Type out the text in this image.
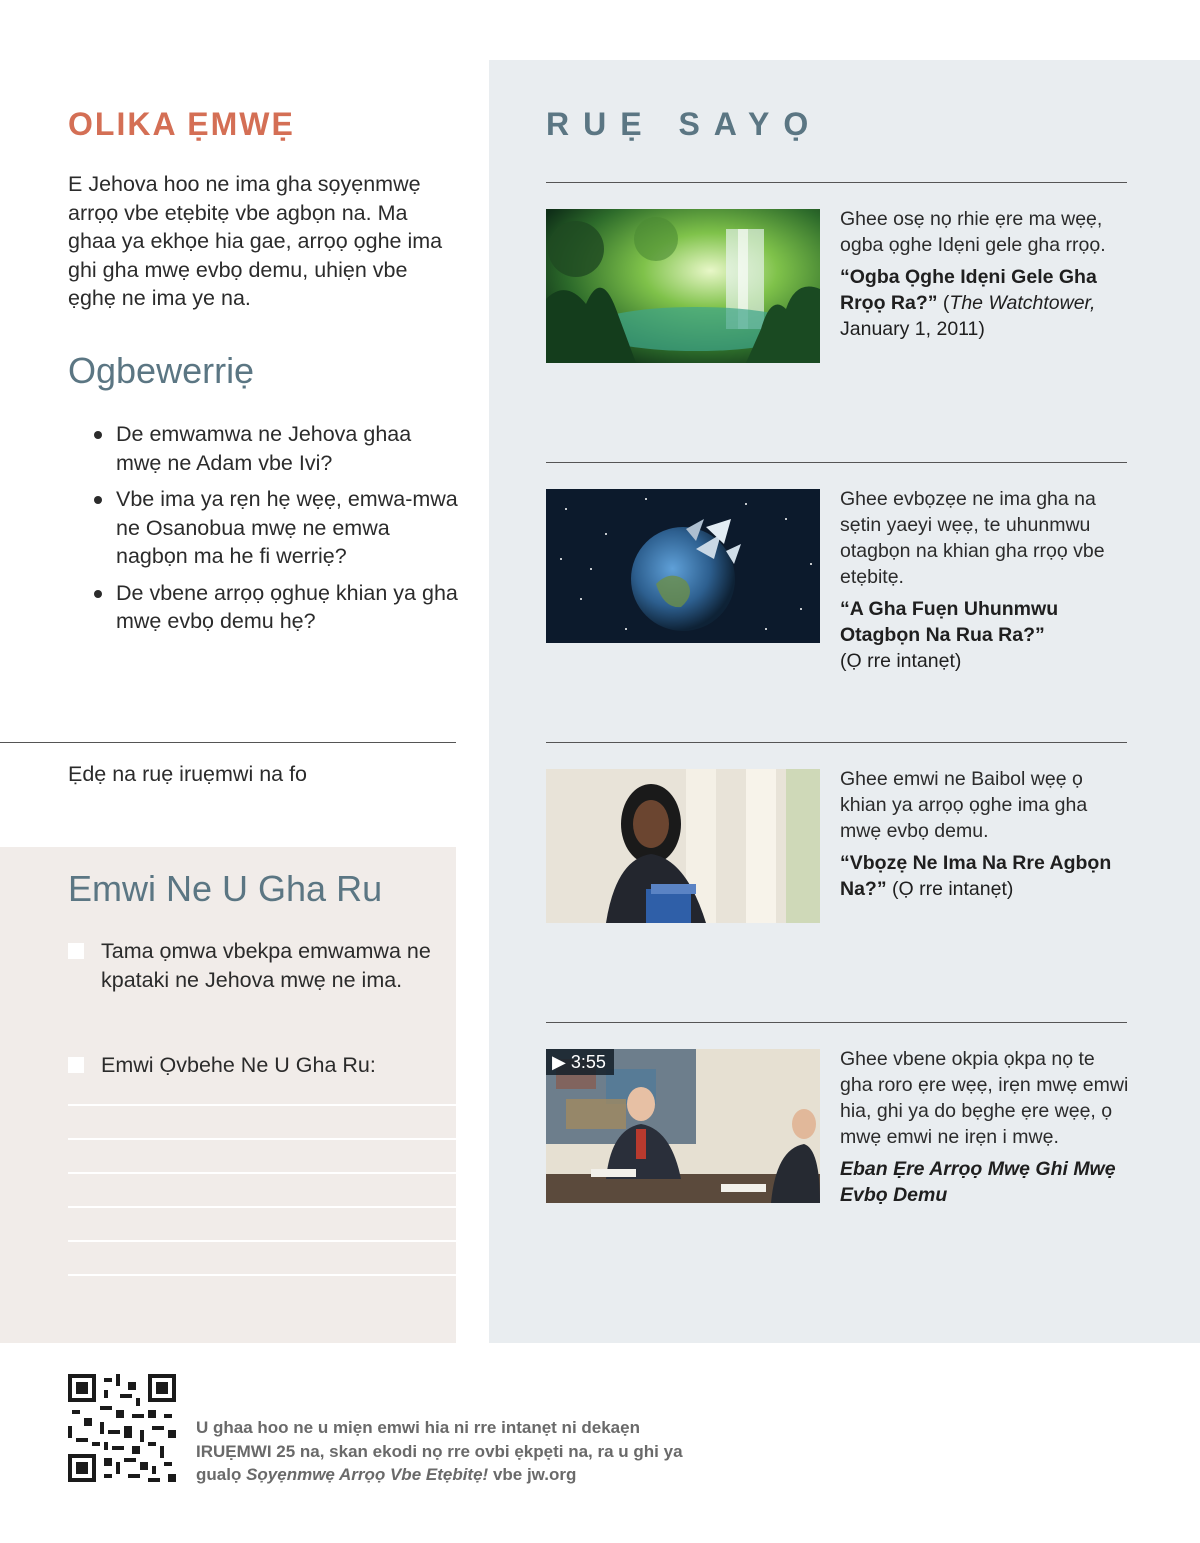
OLIKA ẸMWẸ

E Jehova hoo ne ima gha sọyẹnmwẹ arrọọ vbe etẹbitẹ vbe agbọn na. Ma ghaa ya ekhọe hia gae, arrọọ ọghe ima ghi gha mwẹ evbọ demu, uhiẹn vbe ẹghẹ ne ima ye na.

Ogbewerriẹ
De emwamwa ne Jehova ghaa mwẹ ne Adam vbe Ivi?
Vbe ima ya rẹn hẹ wẹẹ, emwa-mwa ne Osanobua mwẹ ne emwa nagbọn ma he fi werriẹ?
De vbene arrọọ ọghuẹ khian ya gha mwẹ evbọ demu hẹ?

Ẹdẹ na ruẹ iruẹmwi na fo

Emwi Ne U Gha Ru
Tama ọmwa vbekpa emwamwa ne kpataki ne Jehova mwẹ ne ima.
Emwi Ọvbehe Ne U Gha Ru:
RUẸ SAYỌ

Ghee osẹ nọ rhie ẹre ma wẹẹ, ogba ọghe Idẹni gele gha rrọọ.

“Ogba Ọghe Idẹni Gele Gha Rrọọ Ra?” (The Watchtower, January 1, 2011)

Ghee evbọzẹe ne ima gha na sẹtin yaeyi wẹẹ, te uhunmwu otagbọn na khian gha rrọọ vbe etẹbitẹ.

“A Gha Fuẹn Uhunmwu Otagbọn Na Rua Ra?”
(Ọ rre intanẹt)

Ghee emwi ne Baibol wẹẹ ọ khian ya arrọọ ọghe ima gha mwẹ evbọ demu.

“Vbọzẹ Ne Ima Na Rre Agbọn Na?” (Ọ rre intanẹt)

▶ 3:55	Ghee vbene okpia ọkpa nọ te gha roro ẹre wẹẹ, irẹn mwẹ emwi hia, ghi ya do bẹghe ẹre wẹẹ, ọ mwẹ emwi ne irẹn i mwẹ.

Eban Ẹre Arrọọ Mwẹ Ghi Mwẹ Evbọ Demu

U ghaa hoo ne u miẹn emwi hia ni rre intanẹt ni dekaẹn IRUẸMWI 25 na, skan ekodi nọ rre ovbi ẹkpẹti na, ra u ghi ya gualọ Sọyẹnmwẹ Arrọọ Vbe Etẹbitẹ! vbe jw.org
